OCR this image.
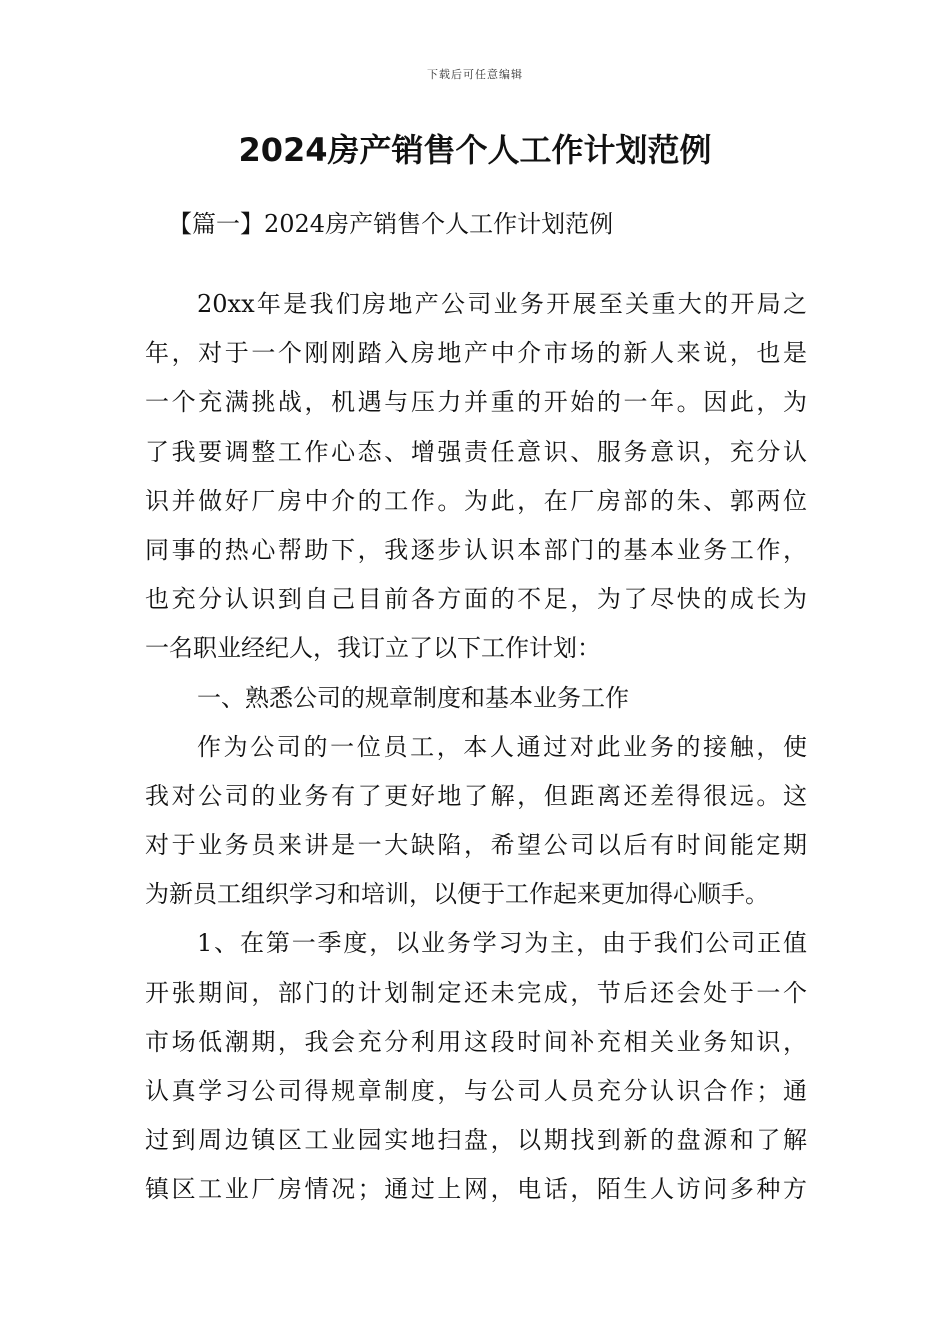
下载后可任意编辑
2024房产销售个人工作计划范例

【篇一】2024房产销售个人工作计划范例

20xx年是我们房地产公司业务开展至关重大的开局之
年，对于一个刚刚踏入房地产中介市场的新人来说，也是
一个充满挑战，机遇与压力并重的开始的一年。因此，为
了我要调整工作心态、增强责任意识、服务意识，充分认
识并做好厂房中介的工作。为此，在厂房部的朱、郭两位
同事的热心帮助下，我逐步认识本部门的基本业务工作，
也充分认识到自己目前各方面的不足，为了尽快的成长为
一名职业经纪人，我订立了以下工作计划：
一、熟悉公司的规章制度和基本业务工作
作为公司的一位员工，本人通过对此业务的接触，使
我对公司的业务有了更好地了解，但距离还差得很远。这
对于业务员来讲是一大缺陷，希望公司以后有时间能定期
为新员工组织学习和培训，以便于工作起来更加得心顺手。
1、在第一季度，以业务学习为主，由于我们公司正值
开张期间，部门的计划制定还未完成，节后还会处于一个
市场低潮期，我会充分利用这段时间补充相关业务知识，
认真学习公司得规章制度，与公司人员充分认识合作；通
过到周边镇区工业园实地扫盘，以期找到新的盘源和了解
镇区工业厂房情况；通过上网，电话，陌生人访问多种方
